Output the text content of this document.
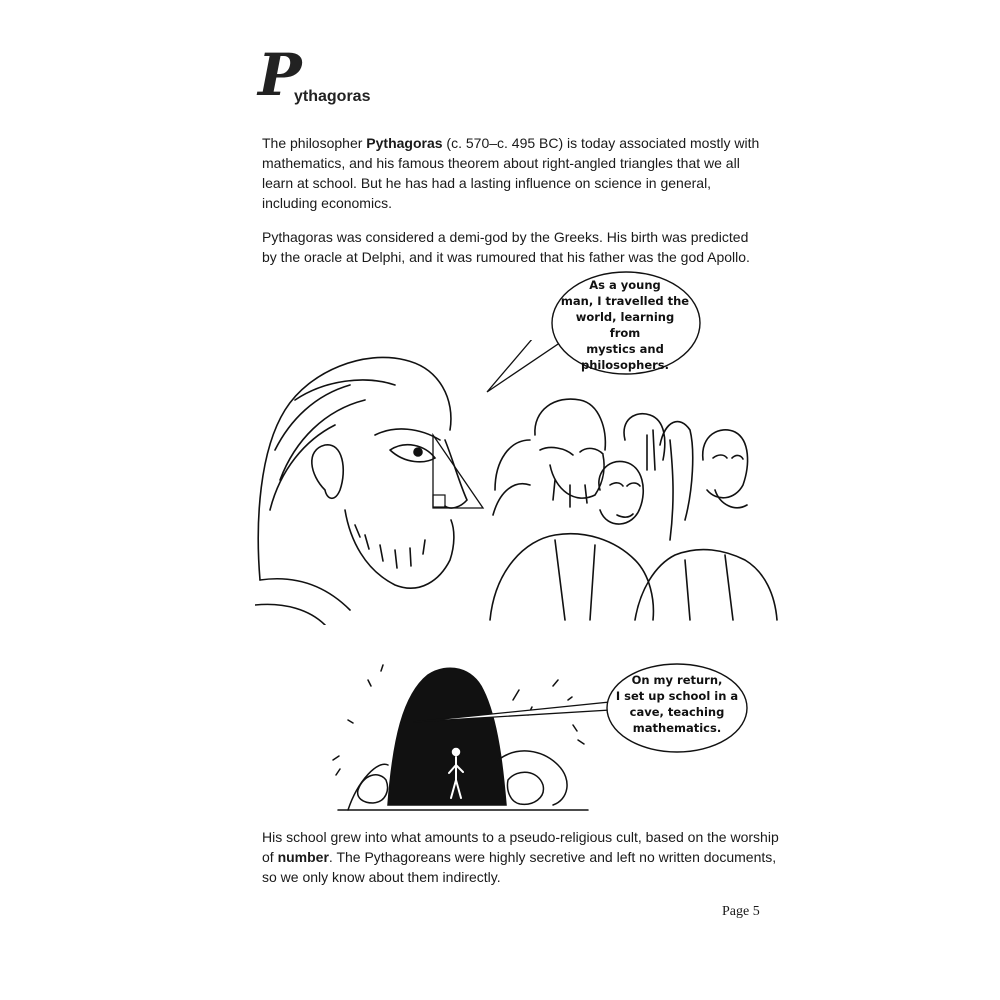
P
ythagoras

The philosopher Pythagoras (c. 570–c. 495 BC) is today associated mostly with mathematics, and his famous theorem about right-angled triangles that we all learn at school. But he has had a lasting influence on science in general, including economics.

Pythagoras was considered a demi-god by the Greeks. His birth was predicted by the oracle at Delphi, and it was rumoured that his father was the god Apollo.

As a young
man, I travelled the
world, learning from
mystics and
philosophers.
On my return,
I set up school in a
cave, teaching
mathematics.

His school grew into what amounts to a pseudo-religious cult, based on the worship of number. The Pythagoreans were highly secretive and left no written documents, so we only know about them indirectly.

Page 5
